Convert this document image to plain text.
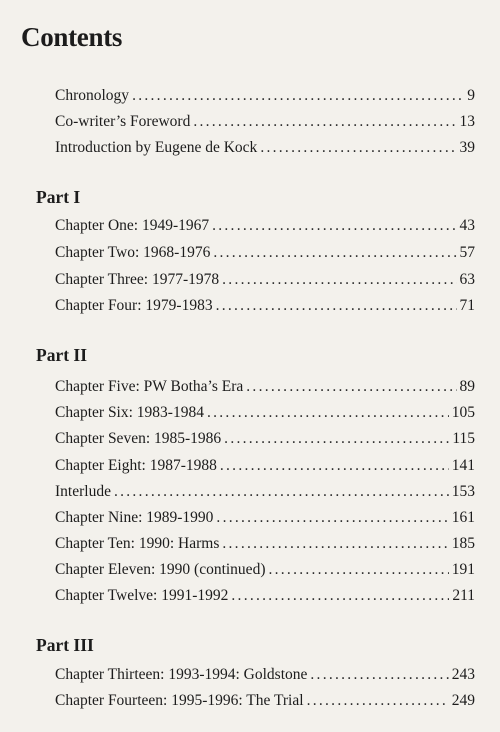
Contents
Chronology . . .	9
Co-writer’s Foreword . . .	13
Introduction by Eugene de Kock . . .	39
Part I
Chapter One: 1949-1967 . . .	43
Chapter Two: 1968-1976 . . .	57
Chapter Three: 1977-1978 . . .	63
Chapter Four: 1979-1983 . . .	71
Part II
Chapter Five: PW Botha’s Era . . .	89
Chapter Six: 1983-1984 . . .	105
Chapter Seven: 1985-1986 . . .	115
Chapter Eight: 1987-1988 . . .	141
Interlude . . .	153
Chapter Nine: 1989-1990 . . .	161
Chapter Ten: 1990: Harms . . .	185
Chapter Eleven: 1990 (continued) . . .	191
Chapter Twelve: 1991-1992 . . .	211
Part III
Chapter Thirteen: 1993-1994: Goldstone . . .	243
Chapter Fourteen: 1995-1996: The Trial . . .	249
